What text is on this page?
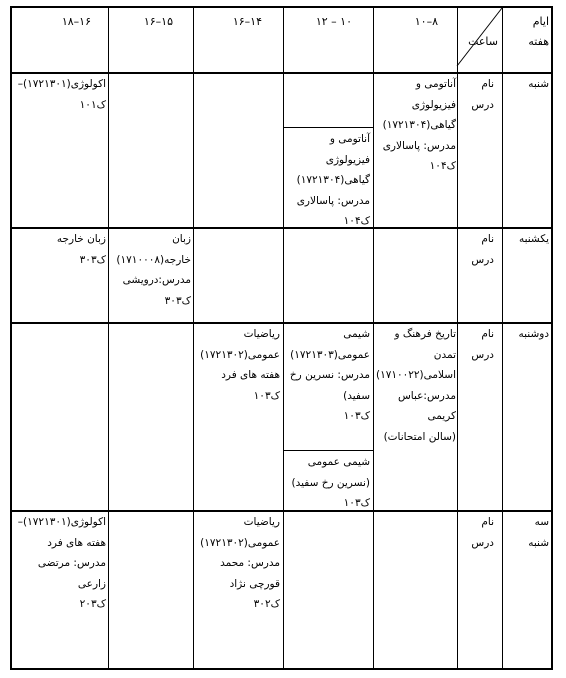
ایام
هفته
ساعت
۸–۱۰
۱۰ – ۱۲
۱۴–۱۶
۱۵–۱۶
۱۶–۱۸
شنبه
نام
درس
آناتومی و
فیزیولوژی
گیاهی(۱۷۲۱۳۰۴)
مدرس: پاسالاری
ک۱۰۴
آناتومی و
فیزیولوژی
گیاهی(۱۷۲۱۳۰۴)
مدرس: پاسالاری
ک۱۰۴
اکولوژی(۱۷۲۱۳۰۱)–
ک۱۰۱
یکشنبه
نام
درس
زبان
خارجه(۱۷۱۰۰۰۸)
مدرس:درویشی
ک۳۰۳
زبان خارجه
ک۳۰۳
دوشنبه
نام
درس
تاریخ فرهنگ و
تمدن
اسلامی(۱۷۱۰۰۲۲)
مدرس:عباس
کریمی
(سالن امتحانات)
شیمی
عمومی(۱۷۲۱۳۰۳)
مدرس: نسرین رخ
سفید)
ک۱۰۳
شیمی عمومی
(نسرین رخ سفید)
ک۱۰۳
ریاضیات
عمومی(۱۷۲۱۳۰۲)
هفته های فرد
ک۱۰۳
سه
شنبه
نام
درس
ریاضیات
عمومی(۱۷۲۱۳۰۲)
مدرس: محمد
قورچی نژاد
ک۳۰۲
اکولوژی(۱۷۲۱۳۰۱)–
هفته های فرد
مدرس: مرتضی
زارعی
ک۲۰۳
